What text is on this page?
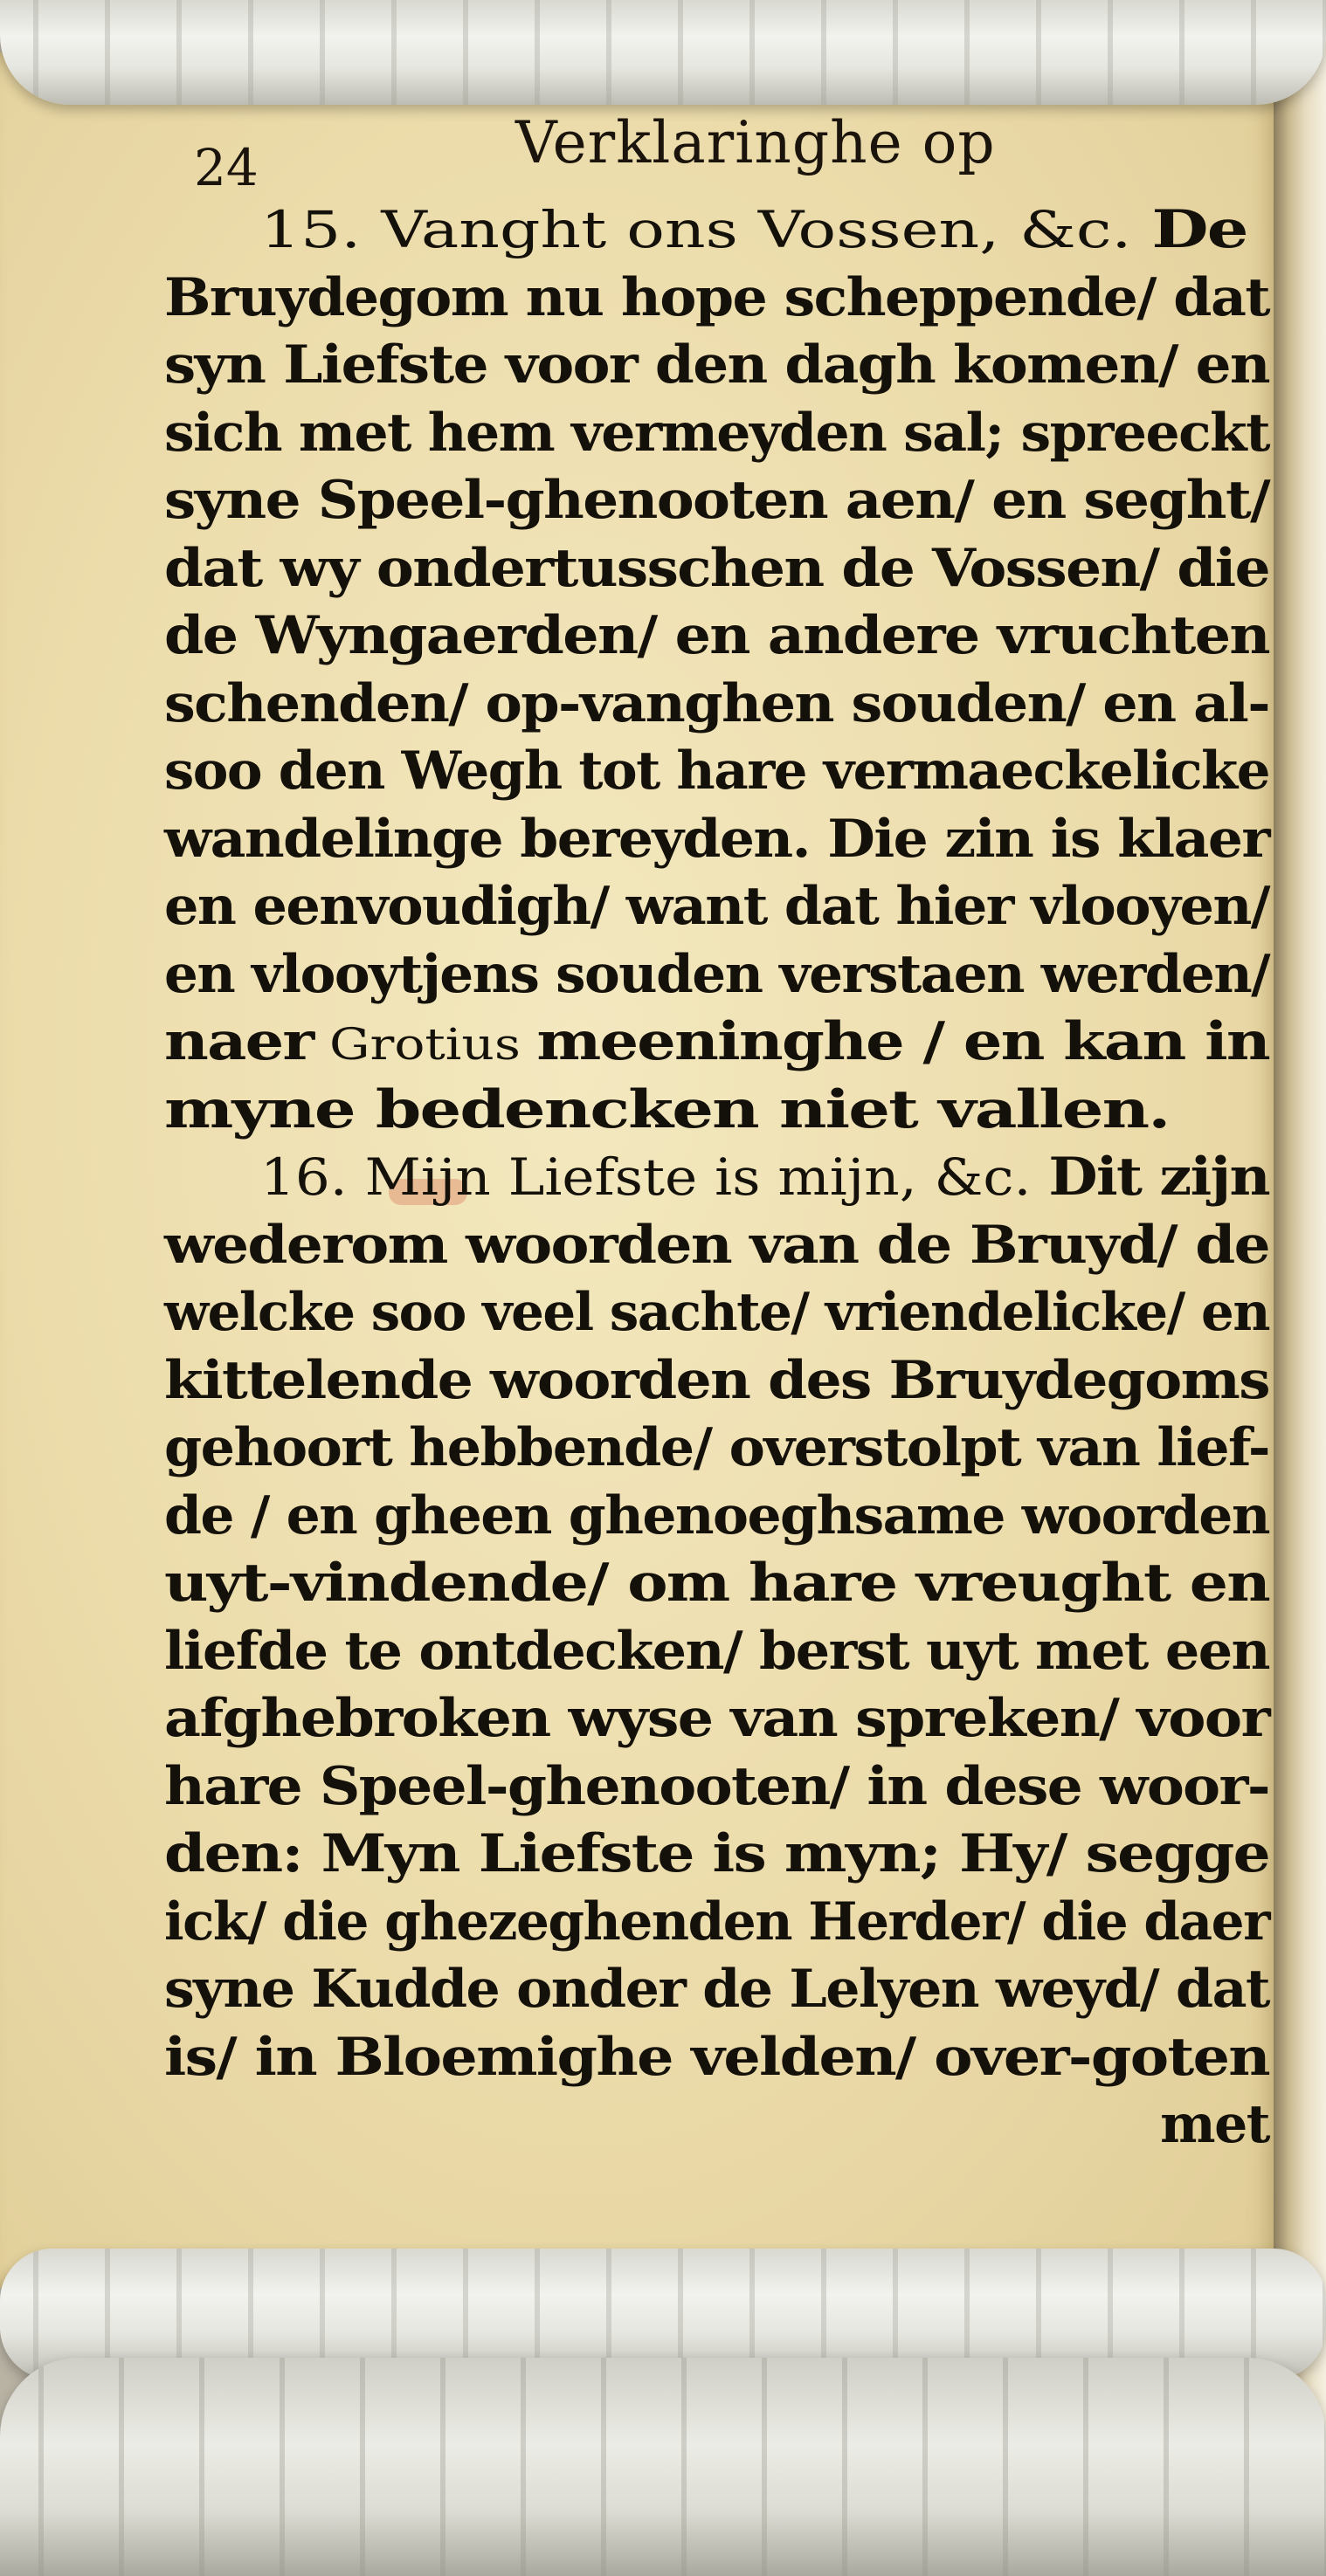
24	Verklaringhe op
15. Vanght ons Vossen, &c. De
Bruydegom nu hope scheppende/ dat
syn Liefste voor den dagh komen/ en
sich met hem vermeyden sal; spreeckt
syne Speel-ghenooten aen/ en seght/
dat wy ondertusschen de Vossen/ die
de Wyngaerden/ en andere vruchten
schenden/ op-vanghen souden/ en al-
soo den Wegh tot hare vermaeckelicke
wandelinge bereyden. Die zin is klaer
en eenvoudigh/ want dat hier vlooyen/
en vlooytjens souden verstaen werden/
naer Grotius meeninghe / en kan in
myne bedencken niet vallen.
16. Mijn Liefste is mijn, &c. Dit zijn
wederom woorden van de Bruyd/ de
welcke soo veel sachte/ vriendelicke/ en
kittelende woorden des Bruydegoms
gehoort hebbende/ overstolpt van lief-
de / en gheen ghenoeghsame woorden
uyt-vindende/ om hare vreught en
liefde te ontdecken/ berst uyt met een
afghebroken wyse van spreken/ voor
hare Speel-ghenooten/ in dese woor-
den: Myn Liefste is myn; Hy/ segge
ick/ die ghezeghenden Herder/ die daer
syne Kudde onder de Lelyen weyd/ dat
is/ in Bloemighe velden/ over-goten
met
